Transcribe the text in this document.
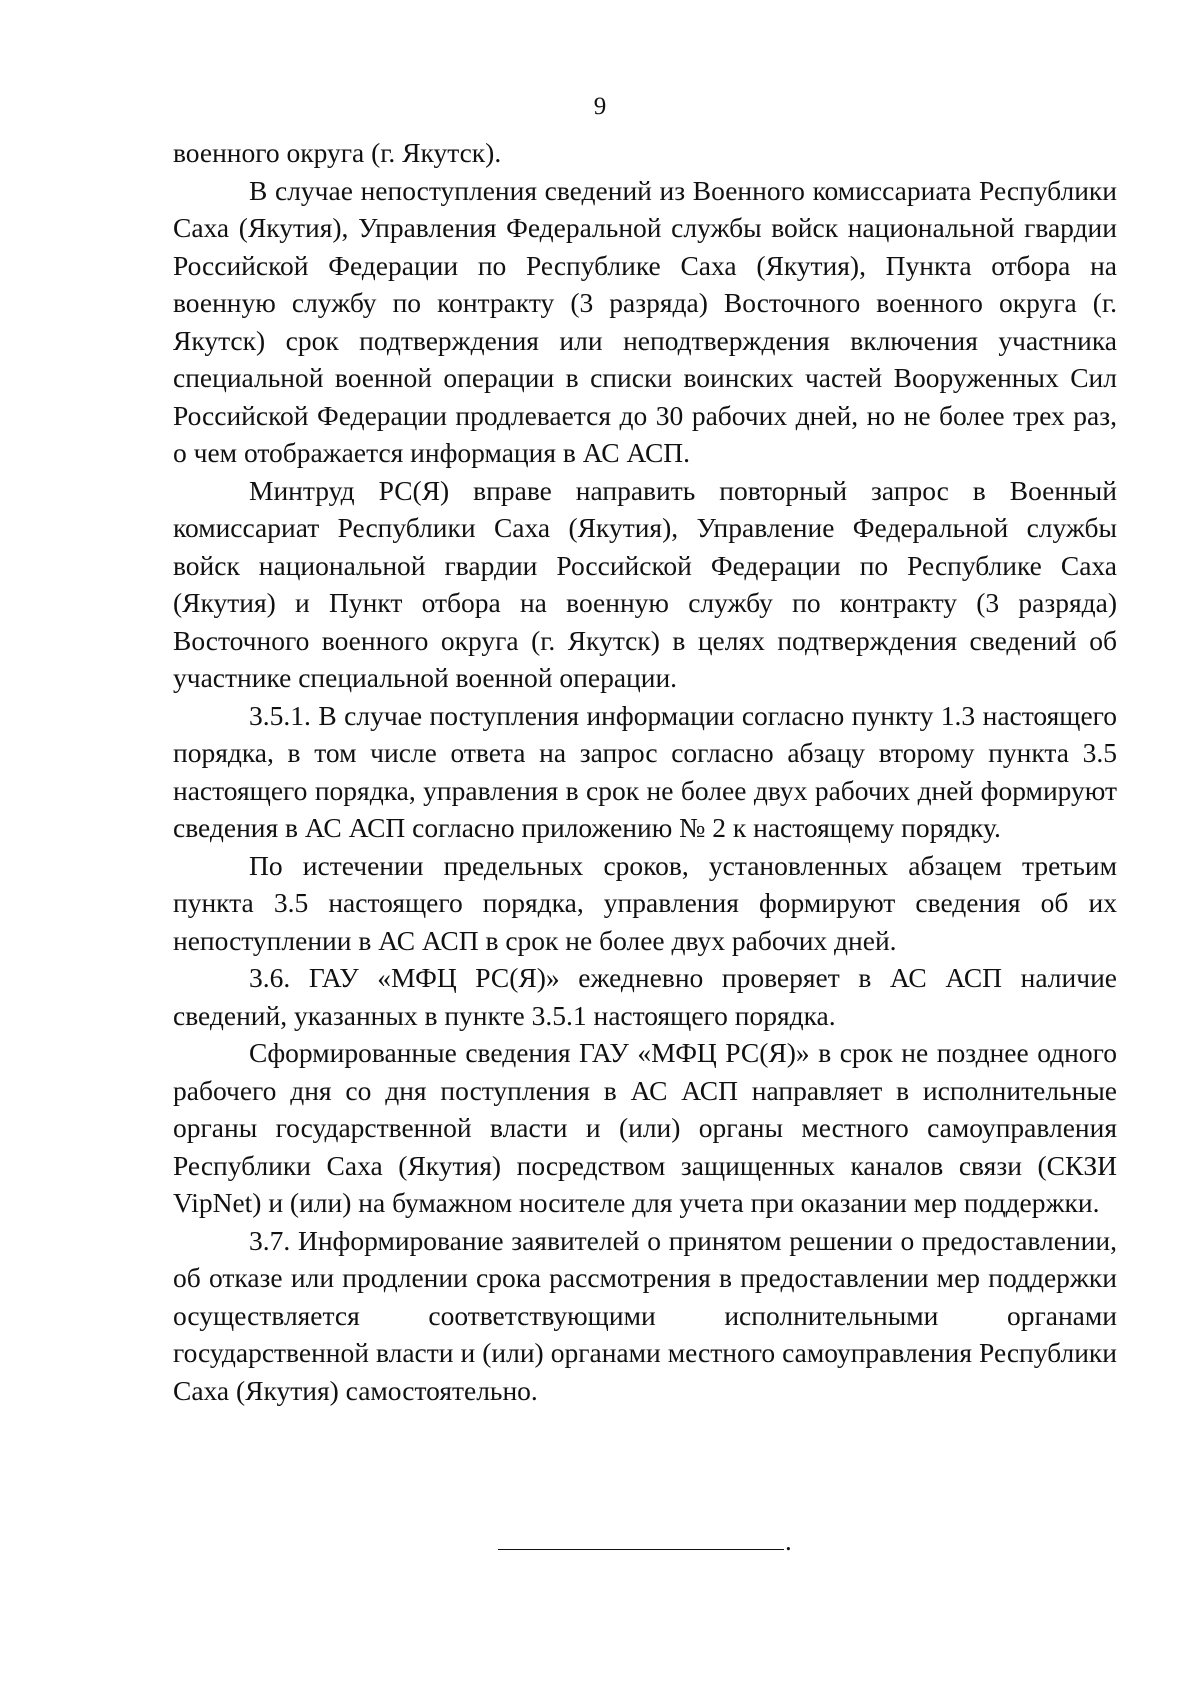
9

военного округа (г. Якутск).

В случае непоступления сведений из Военного комиссариата Республики Саха (Якутия), Управления Федеральной службы войск национальной гвардии Российской Федерации по Республике Саха (Якутия), Пункта отбора на военную службу по контракту (3 разряда) Восточного военного округа (г. Якутск) срок подтверждения или неподтверждения включения участника специальной военной операции в списки воинских частей Вооруженных Сил Российской Федерации продлевается до 30 рабочих дней, но не более трех раз, о чем отображается информация в АС АСП.

Минтруд РС(Я) вправе направить повторный запрос в Военный комиссариат Республики Саха (Якутия), Управление Федеральной службы войск национальной гвардии Российской Федерации по Республике Саха (Якутия) и Пункт отбора на военную службу по контракту (3 разряда) Восточного военного округа (г. Якутск) в целях подтверждения сведений об участнике специальной военной операции.

3.5.1. В случае поступления информации согласно пункту 1.3 настоящего порядка, в том числе ответа на запрос согласно абзацу второму пункта 3.5 настоящего порядка, управления в срок не более двух рабочих дней формируют сведения в АС АСП согласно приложению № 2 к настоящему порядку.

По истечении предельных сроков, установленных абзацем третьим пункта 3.5 настоящего порядка, управления формируют сведения об их непоступлении в АС АСП в срок не более двух рабочих дней.

3.6. ГАУ «МФЦ РС(Я)» ежедневно проверяет в АС АСП наличие сведений, указанных в пункте 3.5.1 настоящего порядка.

Сформированные сведения ГАУ «МФЦ РС(Я)» в срок не позднее одного рабочего дня со дня поступления в АС АСП направляет в исполнительные органы государственной власти и (или) органы местного самоуправления Республики Саха (Якутия) посредством защищенных каналов связи (СКЗИ VipNet) и (или) на бумажном носителе для учета при оказании мер поддержки.

3.7. Информирование заявителей о принятом решении о предоставлении, об отказе или продлении срока рассмотрения в предоставлении мер поддержки осуществляется соответствующими исполнительными органами государственной власти и (или) органами местного самоуправления Республики Саха (Якутия) самостоятельно.

.
